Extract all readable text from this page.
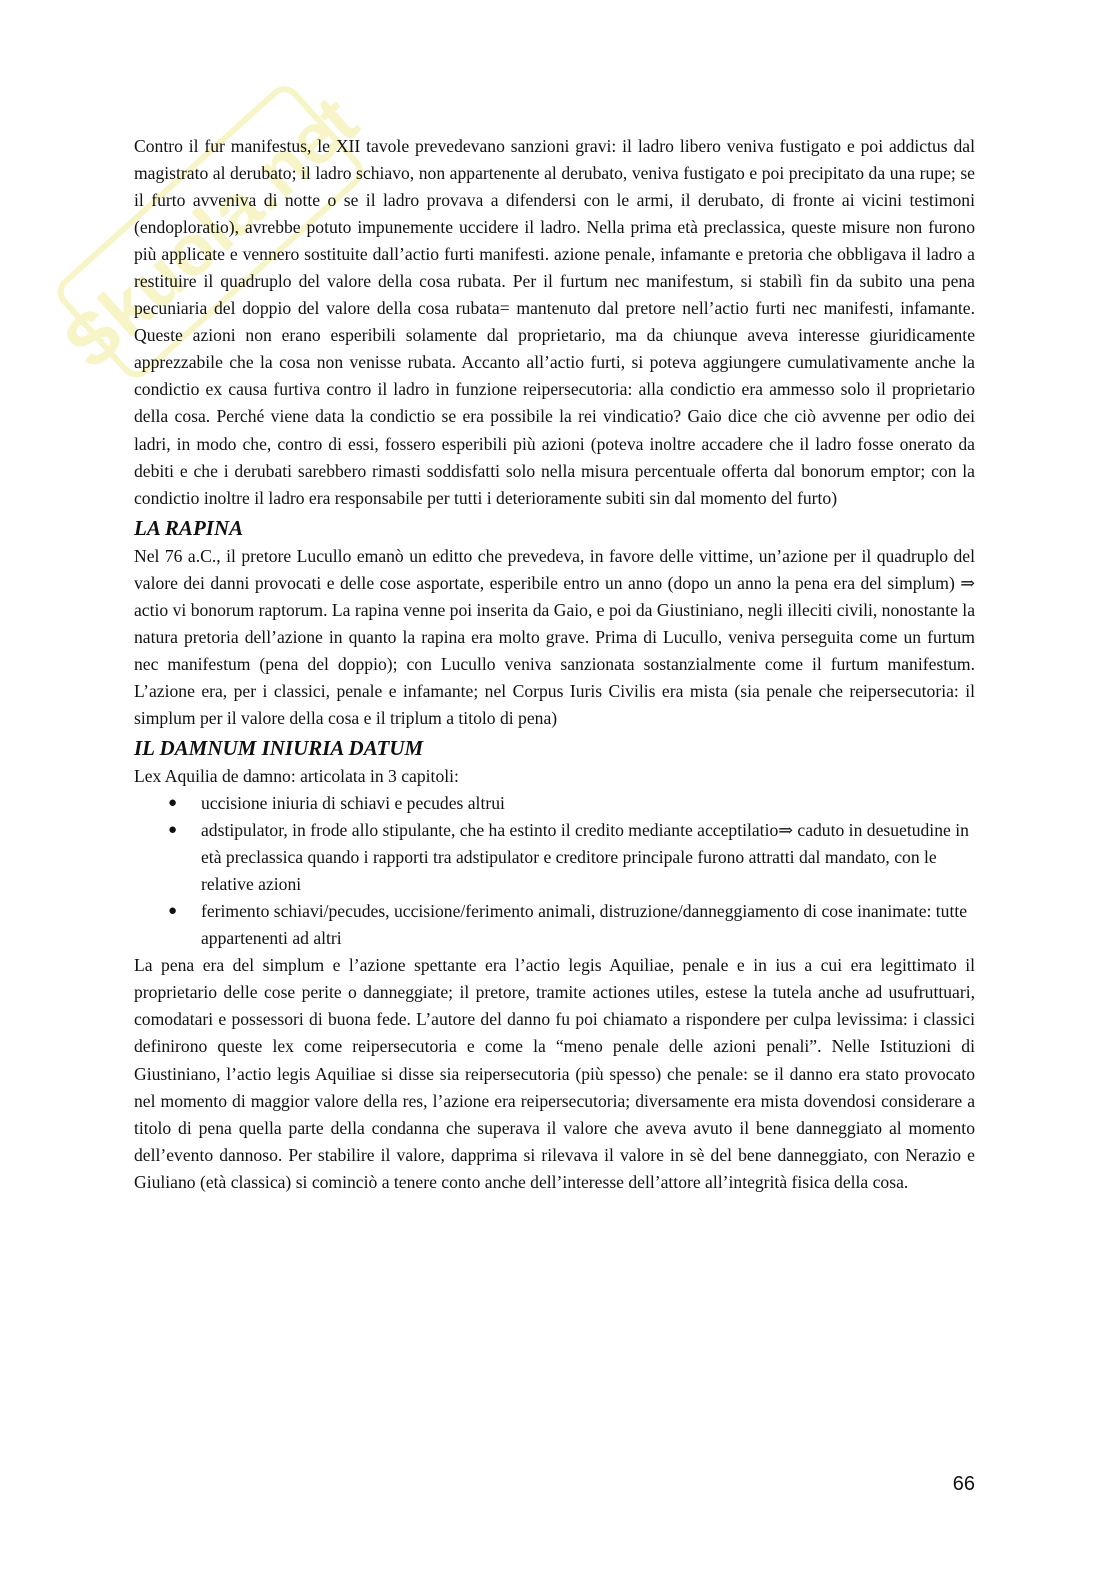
Skuola.net

Contro il fur manifestus, le XII tavole prevedevano sanzioni gravi: il ladro libero veniva fustigato e poi addictus dal magistrato al derubato; il ladro schiavo, non appartenente al derubato, veniva fustigato e poi precipitato da una rupe; se il furto avveniva di notte o se il ladro provava a difendersi con le armi, il derubato, di fronte ai vicini testimoni (endoploratio), avrebbe potuto impunemente uccidere il ladro. Nella prima età preclassica, queste misure non furono più applicate e vennero sostituite dall’actio furti manifesti. azione penale, infamante e pretoria che obbligava il ladro a restituire il quadruplo del valore della cosa rubata. Per il furtum nec manifestum, si stabilì fin da subito una pena pecuniaria del doppio del valore della cosa rubata= mantenuto dal pretore nell’actio furti nec manifesti, infamante. Queste azioni non erano esperibili solamente dal proprietario, ma da chiunque aveva interesse giuridicamente apprezzabile che la cosa non venisse rubata. Accanto all’actio furti, si poteva aggiungere cumulativamente anche la condictio ex causa furtiva contro il ladro in funzione reipersecutoria: alla condictio era ammesso solo il proprietario della cosa. Perché viene data la condictio se era possibile la rei vindicatio? Gaio dice che ciò avvenne per odio dei ladri, in modo che, contro di essi, fossero esperibili più azioni (poteva inoltre accadere che il ladro fosse onerato da debiti e che i derubati sarebbero rimasti soddisfatti solo nella misura percentuale offerta dal bonorum emptor; con la condictio inoltre il ladro era responsabile per tutti i deterioramente subiti sin dal momento del furto)

LA RAPINA

Nel 76 a.C., il pretore Lucullo emanò un editto che prevedeva, in favore delle vittime, un’azione per il quadruplo del valore dei danni provocati e delle cose asportate, esperibile entro un anno (dopo un anno la pena era del simplum) ⇒ actio vi bonorum raptorum. La rapina venne poi inserita da Gaio, e poi da Giustiniano, negli illeciti civili, nonostante la natura pretoria dell’azione in quanto la rapina era molto grave. Prima di Lucullo, veniva perseguita come un furtum nec manifestum (pena del doppio); con Lucullo veniva sanzionata sostanzialmente come il furtum manifestum. L’azione era, per i classici, penale e infamante; nel Corpus Iuris Civilis era mista (sia penale che reipersecutoria: il simplum per il valore della cosa e il triplum a titolo di pena)

IL DAMNUM INIURIA DATUM

Lex Aquilia de damno: articolata in 3 capitoli:

● uccisione iniuria di schiavi e pecudes altrui
● adstipulator, in frode allo stipulante, che ha estinto il credito mediante acceptilatio⇒ caduto in desuetudine in età preclassica quando i rapporti tra adstipulator e creditore principale furono attratti dal mandato, con le relative azioni
● ferimento schiavi/pecudes, uccisione/ferimento animali, distruzione/danneggiamento di cose inanimate: tutte appartenenti ad altri

La pena era del simplum e l’azione spettante era l’actio legis Aquiliae, penale e in ius a cui era legittimato il proprietario delle cose perite o danneggiate; il pretore, tramite actiones utiles, estese la tutela anche ad usufruttuari, comodatari e possessori di buona fede. L’autore del danno fu poi chiamato a rispondere per culpa levissima: i classici definirono queste lex come reipersecutoria e come la “meno penale delle azioni penali”. Nelle Istituzioni di Giustiniano, l’actio legis Aquiliae si disse sia reipersecutoria (più spesso) che penale: se il danno era stato provocato nel momento di maggior valore della res, l’azione era reipersecutoria; diversamente era mista dovendosi considerare a titolo di pena quella parte della condanna che superava il valore che aveva avuto il bene danneggiato al momento dell’evento dannoso. Per stabilire il valore, dapprima si rilevava il valore in sè del bene danneggiato, con Nerazio e Giuliano (età classica) si cominciò a tenere conto anche dell’interesse dell’attore all’integrità fisica della cosa.

66
